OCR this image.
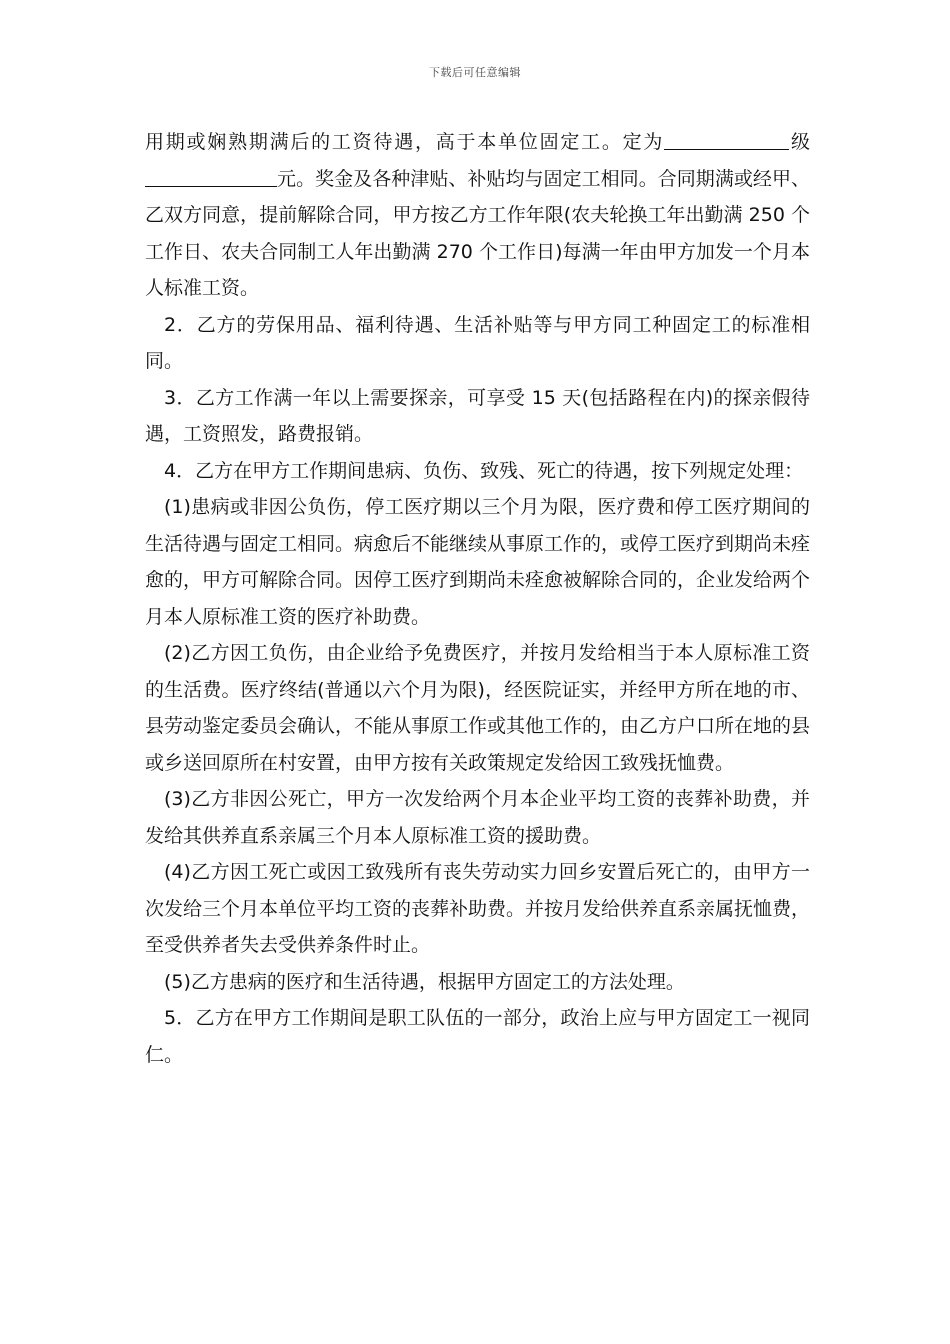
下载后可任意编辑

用期或娴熟期满后的工资待遇，高于本单位固定工。定为	级元。奖金及各种津贴、补贴均与固定工相同。合同期满或经甲、乙双方同意，提前解除合同，甲方按乙方工作年限(农夫轮换工年出勤满 250 个工作日、农夫合同制工人年出勤满 270 个工作日)每满一年由甲方加发一个月本人标准工资。

2．乙方的劳保用品、福利待遇、生活补贴等与甲方同工种固定工的标准相同。

3．乙方工作满一年以上需要探亲，可享受 15 天(包括路程在内)的探亲假待遇，工资照发，路费报销。

4．乙方在甲方工作期间患病、负伤、致残、死亡的待遇，按下列规定处理：

(1)患病或非因公负伤，停工医疗期以三个月为限，医疗费和停工医疗期间的生活待遇与固定工相同。病愈后不能继续从事原工作的，或停工医疗到期尚未痊愈的，甲方可解除合同。因停工医疗到期尚未痊愈被解除合同的，企业发给两个月本人原标准工资的医疗补助费。

(2)乙方因工负伤，由企业给予免费医疗，并按月发给相当于本人原标准工资的生活费。医疗终结(普通以六个月为限)，经医院证实，并经甲方所在地的市、县劳动鉴定委员会确认，不能从事原工作或其他工作的，由乙方户口所在地的县或乡送回原所在村安置，由甲方按有关政策规定发给因工致残抚恤费。

(3)乙方非因公死亡，甲方一次发给两个月本企业平均工资的丧葬补助费，并发给其供养直系亲属三个月本人原标准工资的援助费。

(4)乙方因工死亡或因工致残所有丧失劳动实力回乡安置后死亡的，由甲方一次发给三个月本单位平均工资的丧葬补助费。并按月发给供养直系亲属抚恤费，至受供养者失去受供养条件时止。

(5)乙方患病的医疗和生活待遇，根据甲方固定工的方法处理。

5．乙方在甲方工作期间是职工队伍的一部分，政治上应与甲方固定工一视同仁。
